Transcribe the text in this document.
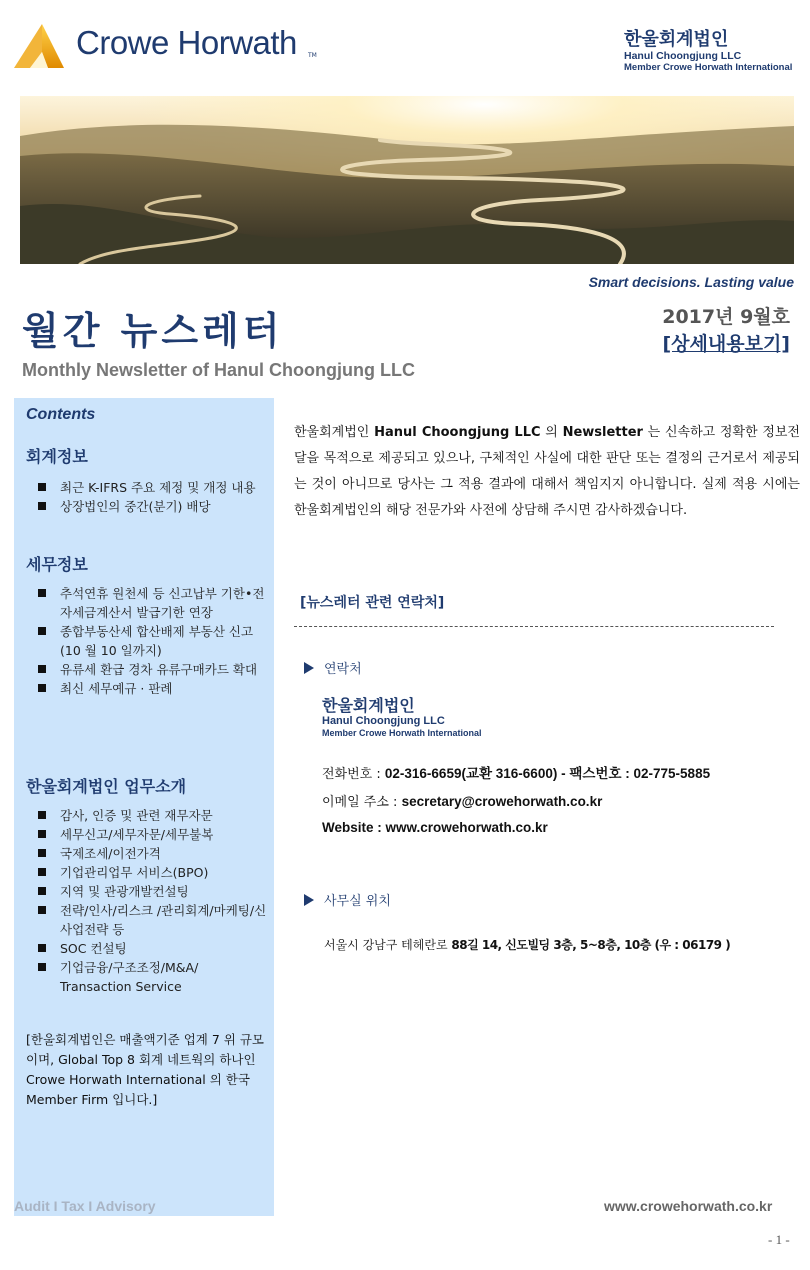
Crowe Horwath TM
한울회계법인
Hanul Choongjung LLC
Member Crowe Horwath International
Smart decisions. Lasting value
월간 뉴스레터	2017년 9월호
[상세내용보기]
Monthly Newsletter of Hanul Choongjung LLC
Contents
회계정보
최근 K-IFRS 주요 제정 및 개정 내용
상장법인의 중간(분기) 배당
세무정보
추석연휴 원천세 등 신고납부 기한•전자세금계산서 발급기한 연장
종합부동산세 합산배제 부동산 신고 (10 월 10 일까지)
유류세 환급 경차 유류구매카드 확대
최신 세무예규 · 판례
한울회계법인 업무소개
감사, 인증 및 관련 재무자문
세무신고/세무자문/세무불복
국제조세/이전가격
기업관리업무 서비스(BPO)
지역 및 관광개발컨설팅
전략/인사/리스크 /관리회계/마케팅/신사업전략 등
SOC 컨설팅
기업금융/구조조정/M&A/ Transaction Service
[한울회계법인은 매출액기준 업계 7 위 규모이며, Global Top 8 회계 네트웍의 하나인 Crowe Horwath International 의 한국 Member Firm 입니다.]
Audit I Tax I Advisory
한울회계법인 Hanul Choongjung LLC 의 Newsletter 는 신속하고 정확한 정보전달을 목적으로 제공되고 있으나, 구체적인 사실에 대한 판단 또는 결정의 근거로서 제공되는 것이 아니므로 당사는 그 적용 결과에 대해서 책임지지 아니합니다. 실제 적용 시에는 한울회계법인의 해당 전문가와 사전에 상담해 주시면 감사하겠습니다.
[뉴스레터 관련 연락처]
연락처
한울회계법인
Hanul Choongjung LLC
Member Crowe Horwath International
전화번호 : 02-316-6659(교환 316-6600) - 팩스번호 : 02-775-5885
이메일 주소 : secretary@crowehorwath.co.kr
Website : www.crowehorwath.co.kr
사무실 위치
서울시 강남구 테헤란로 88길 14, 신도빌딩 3층, 5~8층, 10층 (우 : 06179 )
www.crowehorwath.co.kr
- 1 -
